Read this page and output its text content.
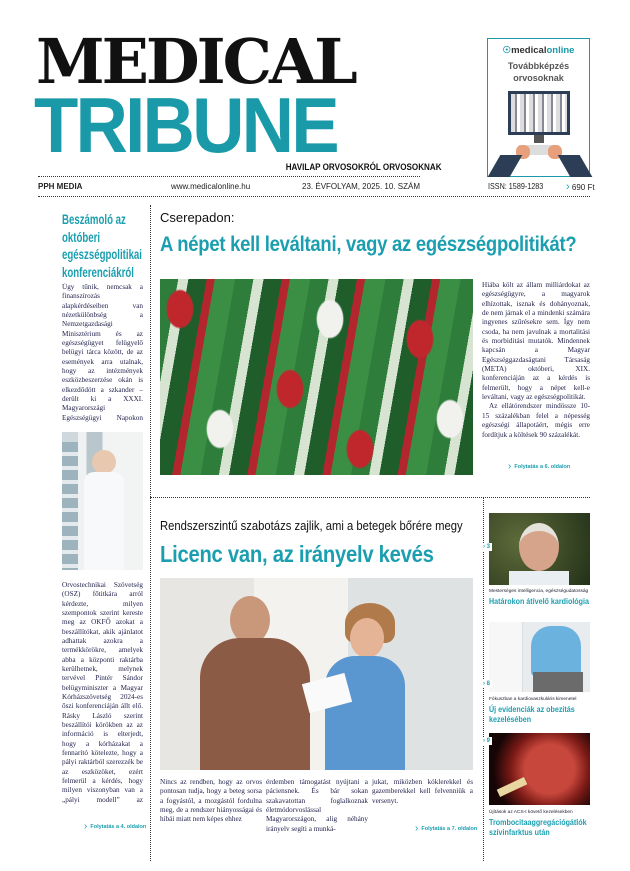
MEDICAL
TRIBUNE
HAVILAP ORVOSOKRÓL ORVOSOKNAK
☉medicalonline
Továbbképzés orvosoknak
PPH MEDIA	www.medicalonline.hu	23. ÉVFOLYAM, 2025. 10. SZÁM	ISSN: 1589-1283 › 690 Ft
Beszámoló az októberi egészségpolitikai konferenciákról

Úgy tűnik, nemcsak a finanszírozás alapkérdéseiben van nézetkülönbség a Nemzetgazdasági Minisztérium és az egészségügyet felügyelő belügyi tárca között, de az események arra utalnak, hogy az intézmények eszközbeszerzése okán is elkezdődött a szkander – derült ki a XXXI. Magyarországi Egészségügyi Napokon

Orvostechnikai Szövetség (OSZ) főtitkára arról kérdezte, milyen szempontok szerint kereste meg az OKFŐ azokat a beszállítókat, akik ajánlatot adhattak azokra a termékkörökre, amelyek abba a központi raktárba kerülhetnek, melynek tervével Pintér Sándor belügyminiszter a Magyar Kórházszövetség 2024-es őszi konferenciáján állt elő. Rásky László szerint beszállítói körökben az az információ is elterjedt, hogy a kórházakat a fennarító kötelezte, hogy a pályi raktárból szerezzék be az eszközöket, ezért felmerül a kérdés, hogy milyen viszonyban van a „pályi modell” az

› Folytatás a 4. oldalon
Cserepadon:
A népet kell leváltani, vagy az egészségpolitikát?

Hiába költ az állam milliárdokat az egészségügyre, a magyarok elhízottak, isznak és dohányoznak, de nem járnak el a mindenki számára ingyenes szűrésekre sem. Így nem csoda, ha nem javulnak a mortalitási és morbiditási mutatók. Mindennek kapcsán a Magyar Egészséggazdaságtani Társaság (META) októberi, XIX. konferenciáján az a kérdés is felmerült, hogy a népet kell-e leváltani, vagy az egészségpolitikát.

Az ellátórendszer mindössze 10-15 százalékban felel a népesség egészségi állapotáért, mégis erre fordítjuk a költések 90 százalékát.

› Folytatás a 6. oldalon
Rendszerszintű szabotázs zajlik, ami a betegek bőrére megy
Licenc van, az irányelv kevés
Nincs az rendben, hogy az orvos pontosan tudja, hogy a beteg sorsa a fogyástól, a mozgástól fordulna meg, de a rendszer hiányosságai és hibái miatt nem képes ehhez
érdemben támogatást nyújtani a páciensnek. És bár sokan szakavatottan foglalkoznak életmódorvoslással Magyarországon, alig néhány irányelv segíti a munká-
jukat, miközben kóklerekkel és gazemberekkel kell felvenniük a versenyt.
› Folytatás a 7. oldalon
› 3
Mesterséges intelligencia, egészségudatosság
Határokon átívelő kardiológia
› 8
Fókuszban a kardiovaszkuláris kimenetel
Új evidenciák az obezitás kezelésében
› 9
Újítások az ACS-t követő kezelésekben
Trombocitaaggregációgátlók szívinfarktus után
